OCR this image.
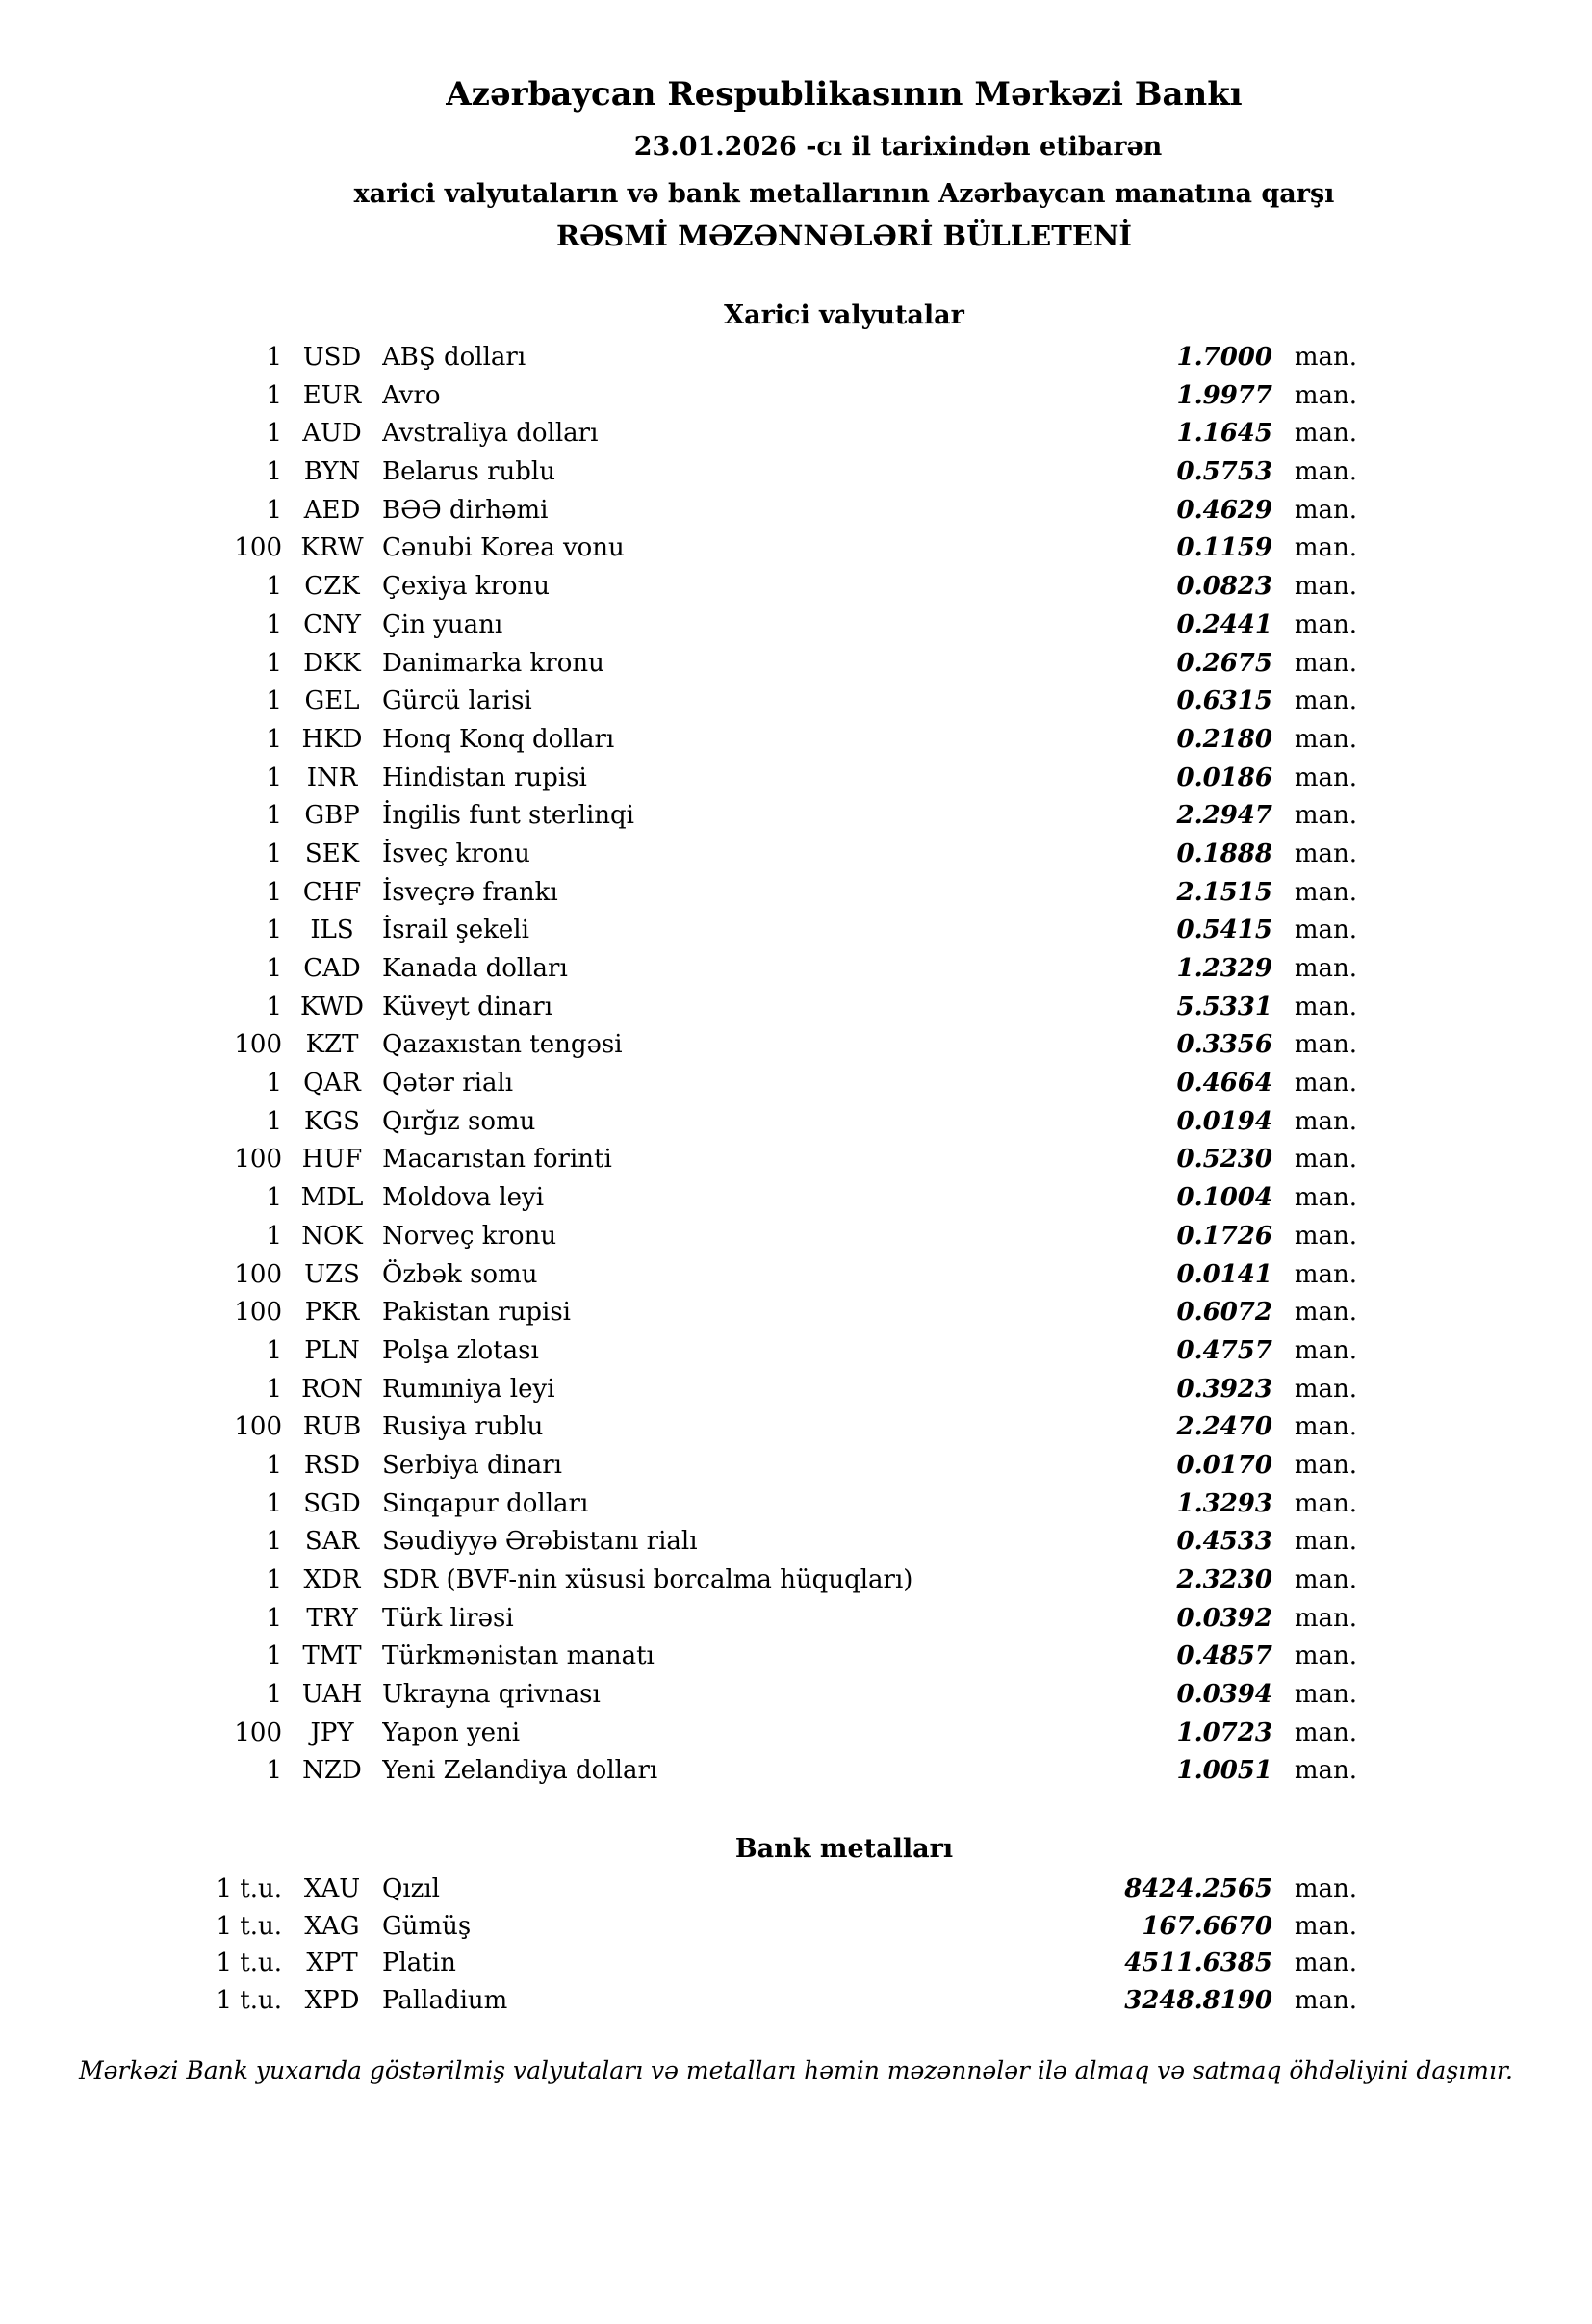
Azərbaycan Respublikasının Mərkəzi Bankı
23.01.2026 -cı il tarixindən etibarən
xarici valyutaların və bank metallarının Azərbaycan manatına qarşı
RƏSMİ MƏZƏNNƏLƏRİ BÜLLETENİ
Xarici valyutalar
1 USD ABŞ dolları	1.7000 man.
1 EUR Avro	1.9977 man.
1 AUD Avstraliya dolları	1.1645 man.
1 BYN Belarus rublu	0.5753 man.
1 AED BƏƏ dirhəmi	0.4629 man.
100 KRW Cənubi Korea vonu	0.1159 man.
1 CZK Çexiya kronu	0.0823 man.
1 CNY Çin yuanı	0.2441 man.
1 DKK Danimarka kronu	0.2675 man.
1 GEL Gürcü larisi	0.6315 man.
1 HKD Honq Konq dolları	0.2180 man.
1 INR Hindistan rupisi	0.0186 man.
1 GBP İngilis funt sterlinqi	2.2947 man.
1 SEK İsveç kronu	0.1888 man.
1 CHF İsveçrə frankı	2.1515 man.
1	ILS	İsrail şekeli	0.5415 man.
1 CAD Kanada dolları	1.2329 man.
1 KWD Küveyt dinarı	5.5331 man.
100 KZT Qazaxıstan tengəsi	0.3356 man.
1 QAR Qətər rialı	0.4664 man.
1 KGS Qırğız somu	0.0194 man.
100 HUF Macarıstan forinti	0.5230 man.
1 MDL Moldova leyi	0.1004 man.
1 NOK Norveç kronu	0.1726 man.
100 UZS Özbək somu	0.0141 man.
100 PKR Pakistan rupisi	0.6072 man.
1 PLN Polşa zlotası	0.4757 man.
1 RON Rumıniya leyi	0.3923 man.
100 RUB Rusiya rublu	2.2470 man.
1 RSD Serbiya dinarı	0.0170 man.
1 SGD Sinqapur dolları	1.3293 man.
1 SAR Səudiyyə Ərəbistanı rialı	0.4533 man.
1 XDR SDR (BVF-nin xüsusi borcalma hüquqları)	2.3230 man.
1 TRY Türk lirəsi	0.0392 man.
1 TMT Türkmənistan manatı	0.4857 man.
1 UAH Ukrayna qrivnası	0.0394 man.
100	JPY	Yapon yeni	1.0723 man.
1 NZD Yeni Zelandiya dolları	1.0051 man.
Bank metalları
1 t.u. XAU Qızıl	8424.2565 man.
1 t.u. XAG Gümüş	167.6670 man.
1 t.u. XPT Platin	4511.6385 man.
1 t.u. XPD Palladium	3248.8190 man.
Mərkəzi Bank yuxarıda göstərilmiş valyutaları və metalları həmin məzənnələr ilə almaq və satmaq öhdəliyini daşımır.
